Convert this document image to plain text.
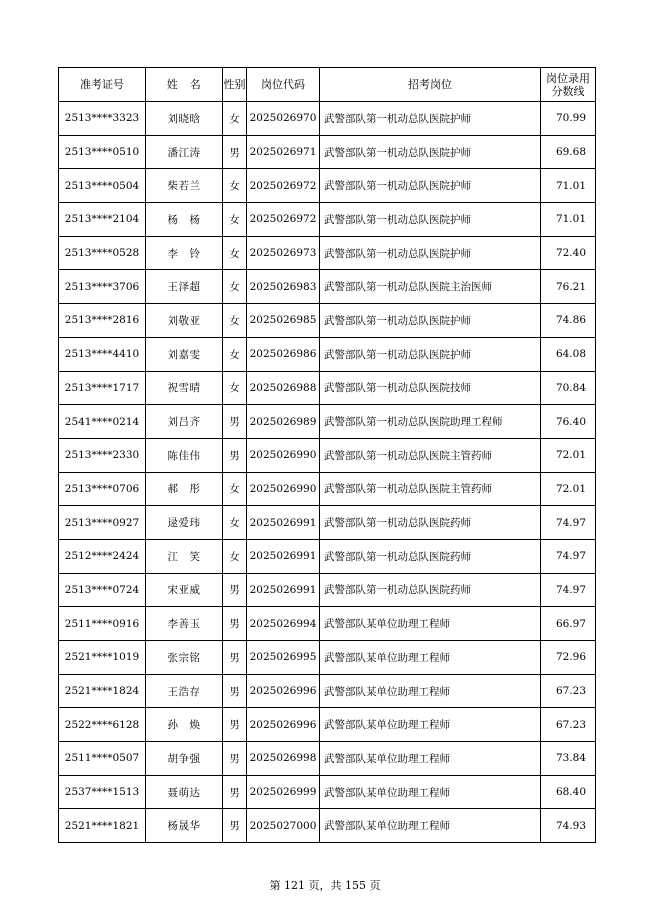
准考证号	姓　名	性别	岗位代码	招考岗位	岗位录用分数线
2513****3323	刘晓晗	女	2025026970	武警部队第一机动总队医院护师	70.99
2513****0510	潘江涛	男	2025026971	武警部队第一机动总队医院护师	69.68
2513****0504	柴若兰	女	2025026972	武警部队第一机动总队医院护师	71.01
2513****2104	杨　杨	女	2025026972	武警部队第一机动总队医院护师	71.01
2513****0528	李　铃	女	2025026973	武警部队第一机动总队医院护师	72.40
2513****3706	王泽超	女	2025026983	武警部队第一机动总队医院主治医师	76.21
2513****2816	刘敬亚	女	2025026985	武警部队第一机动总队医院护师	74.86
2513****4410	刘嘉雯	女	2025026986	武警部队第一机动总队医院护师	64.08
2513****1717	祝雪晴	女	2025026988	武警部队第一机动总队医院技师	70.84
2541****0214	刘吕齐	男	2025026989	武警部队第一机动总队医院助理工程师	76.40
2513****2330	陈佳伟	男	2025026990	武警部队第一机动总队医院主管药师	72.01
2513****0706	郝　彤	女	2025026990	武警部队第一机动总队医院主管药师	72.01
2513****0927	逯爱玮	女	2025026991	武警部队第一机动总队医院药师	74.97
2512****2424	江　笑	女	2025026991	武警部队第一机动总队医院药师	74.97
2513****0724	宋亚威	男	2025026991	武警部队第一机动总队医院药师	74.97
2511****0916	李善玉	男	2025026994	武警部队某单位助理工程师	66.97
2521****1019	张宗铭	男	2025026995	武警部队某单位助理工程师	72.96
2521****1824	王浩存	男	2025026996	武警部队某单位助理工程师	67.23
2522****6128	孙　焕	男	2025026996	武警部队某单位助理工程师	67.23
2511****0507	胡争强	男	2025026998	武警部队某单位助理工程师	73.84
2537****1513	聂萌达	男	2025026999	武警部队某单位助理工程师	68.40
2521****1821	杨晟华	男	2025027000	武警部队某单位助理工程师	74.93
第 121 页，共 155 页
